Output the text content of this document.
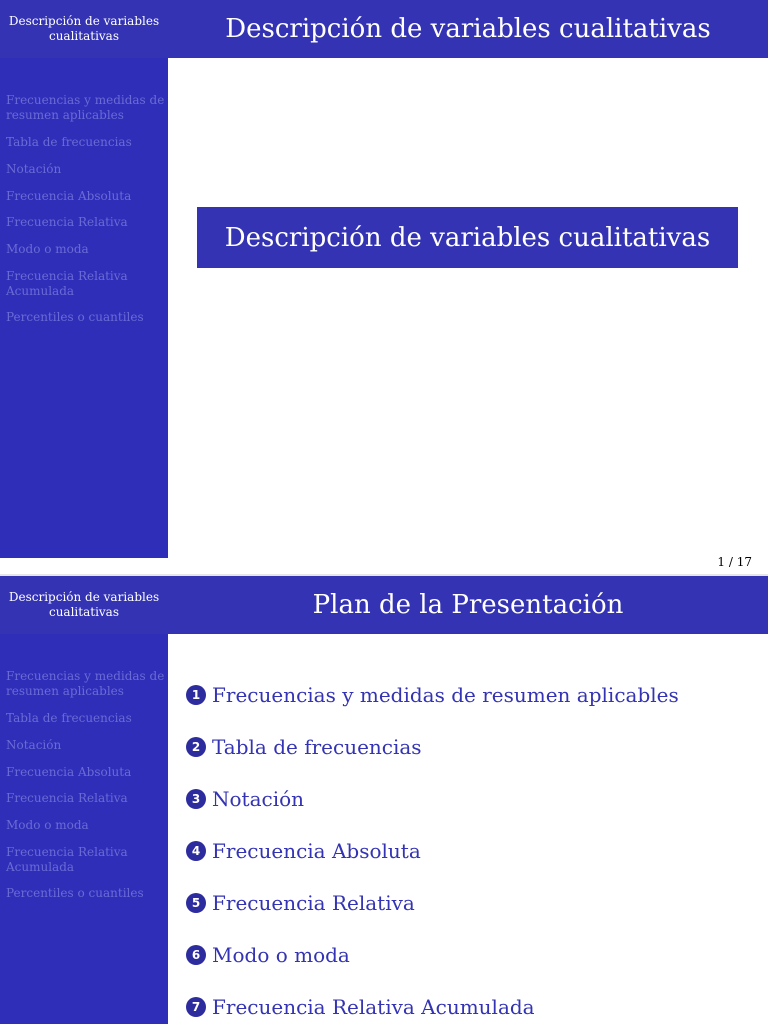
Descripción de variables cualitativas	Descripción de variables cualitativas
Frecuencias y medidas de resumen aplicables
Tabla de frecuencias
Notación
Frecuencia Absoluta
Frecuencia Relativa
Modo o moda
Frecuencia Relativa Acumulada
Percentiles o cuantiles
Descripción de variables cualitativas
1 / 17
Descripción de variables cualitativas	Plan de la Presentación
Frecuencias y medidas de resumen aplicables
Tabla de frecuencias
Notación
Frecuencia Absoluta
Frecuencia Relativa
Modo o moda
Frecuencia Relativa Acumulada
Percentiles o cuantiles
1 Frecuencias y medidas de resumen aplicables
2 Tabla de frecuencias
3 Notación
4 Frecuencia Absoluta
5 Frecuencia Relativa
6 Modo o moda
7 Frecuencia Relativa Acumulada
